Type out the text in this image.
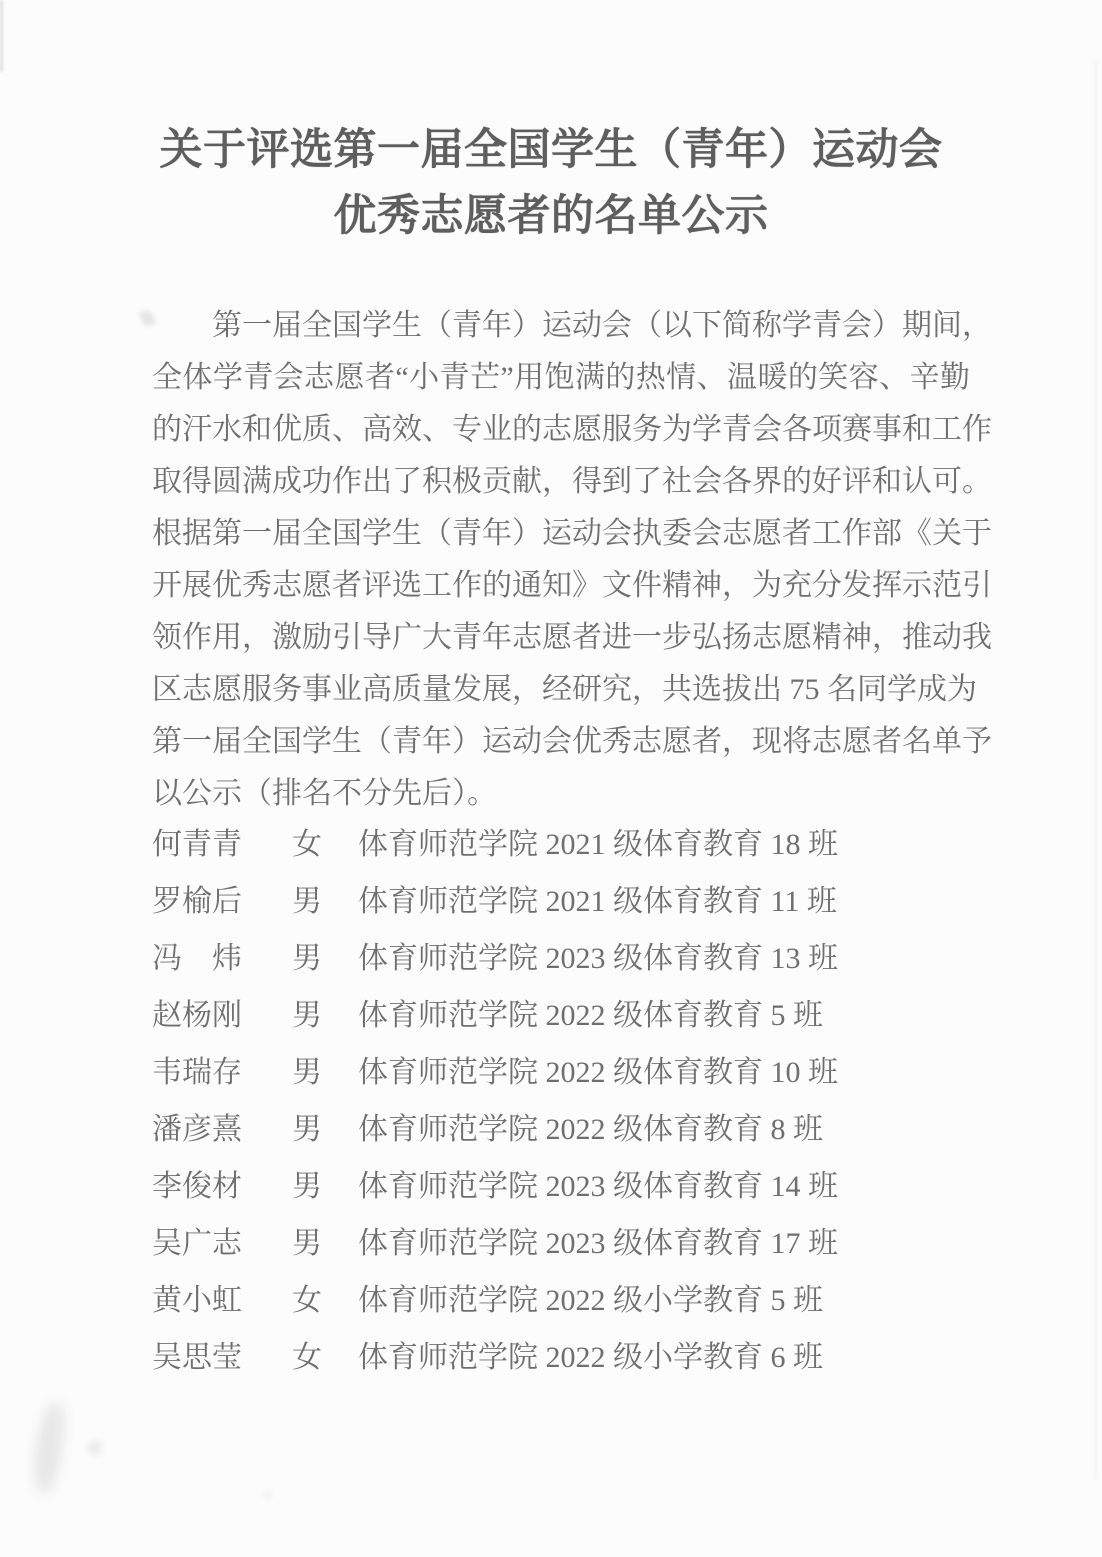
关于评选第一届全国学生（青年）运动会
优秀志愿者的名单公示
第一届全国学生（青年）运动会（以下简称学青会）期间，
全体学青会志愿者“小青芒”用饱满的热情、温暖的笑容、辛勤
的汗水和优质、高效、专业的志愿服务为学青会各项赛事和工作
取得圆满成功作出了积极贡献，得到了社会各界的好评和认可。
根据第一届全国学生（青年）运动会执委会志愿者工作部《关于
开展优秀志愿者评选工作的通知》文件精神，为充分发挥示范引
领作用，激励引导广大青年志愿者进一步弘扬志愿精神，推动我
区志愿服务事业高质量发展，经研究，共选拔出 75 名同学成为
第一届全国学生（青年）运动会优秀志愿者，现将志愿者名单予
以公示（排名不分先后）。
何青青 女 体育师范学院 2021 级体育教育 18 班
罗榆后 男 体育师范学院 2021 级体育教育 11 班
冯　炜 男 体育师范学院 2023 级体育教育 13 班
赵杨刚 男 体育师范学院 2022 级体育教育 5 班
韦瑞存 男 体育师范学院 2022 级体育教育 10 班
潘彦熹 男 体育师范学院 2022 级体育教育 8 班
李俊材 男 体育师范学院 2023 级体育教育 14 班
吴广志 男 体育师范学院 2023 级体育教育 17 班
黄小虹 女 体育师范学院 2022 级小学教育 5 班
吴思莹 女 体育师范学院 2022 级小学教育 6 班
